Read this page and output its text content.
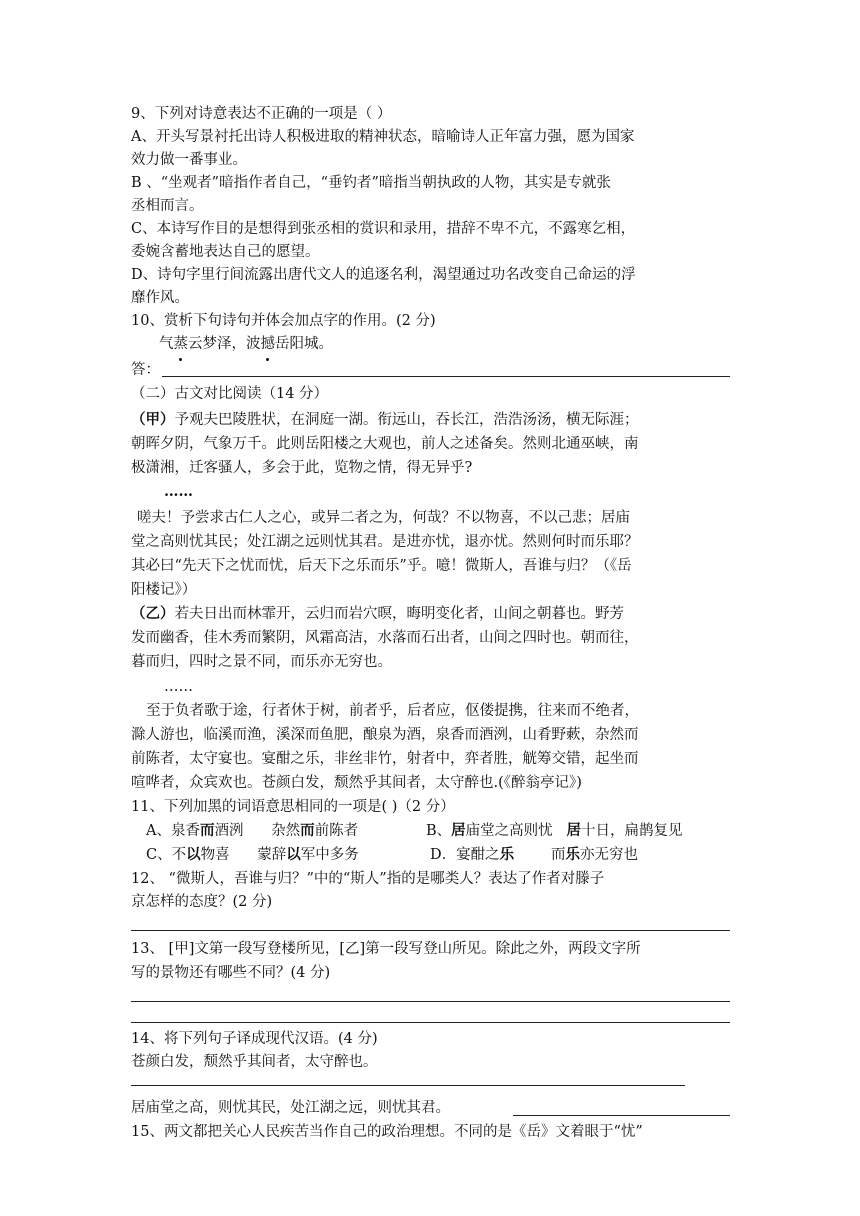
9、下列对诗意表达不正确的一项是（ ）
A、开头写景衬托出诗人积极进取的精神状态，暗喻诗人正年富力强，愿为国家
效力做一番事业。
B 、“坐观者”暗指作者自己，“垂钓者”暗指当朝执政的人物，其实是专就张
丞相而言。
C、本诗写作目的是想得到张丞相的赏识和录用，措辞不卑不亢，不露寒乞相，
委婉含蓄地表达自己的愿望。
D、诗句字里行间流露出唐代文人的追逐名利，渴望通过功名改变自己命运的浮
靡作风。
10、赏析下句诗句并体会加点字的作用。(2 分)
气蒸云梦泽，波撼岳阳城。
答：
（二）古文对比阅读（14 分）
（甲）予观夫巴陵胜状，在洞庭一湖。衔远山，吞长江，浩浩汤汤，横无际涯；
朝晖夕阴，气象万千。此则岳阳楼之大观也，前人之述备矣。然则北通巫峡，南
极潇湘，迁客骚人，多会于此，览物之情，得无异乎?
……
嗟夫！予尝求古仁人之心，或异二者之为，何哉？不以物喜，不以己悲；居庙
堂之高则忧其民；处江湖之远则忧其君。是进亦忧，退亦忧。然则何时而乐耶？
其必曰“先天下之忧而忧，后天下之乐而乐”乎。噫！微斯人，吾谁与归？（《岳
阳楼记》）
（乙）若夫日出而林霏开，云归而岩穴暝，晦明变化者，山间之朝暮也。野芳
发而幽香，佳木秀而繁阴，风霜高洁，水落而石出者，山间之四时也。朝而往，
暮而归，四时之景不同，而乐亦无穷也。
……
至于负者歌于途，行者休于树，前者乎，后者应，伛偻提携，往来而不绝者，
滁人游也，临溪而渔，溪深而鱼肥，酿泉为酒，泉香而酒洌，山肴野蔌，杂然而
前陈者，太守宴也。宴酣之乐，非丝非竹，射者中，弈者胜，觥筹交错，起坐而
喧哗者，众宾欢也。苍颜白发，颓然乎其间者，太守醉也.(《醉翁亭记》)
11、下列加黑的词语意思相同的一项是( )（2 分）
A、泉香而酒洌      杂然而前陈者	B、居庙堂之高则忧   居十日，扁鹊复见
C、不以物喜      蒙辞以军中多务	D．宴酣之乐        而乐亦无穷也
12、 “微斯人，吾谁与归？”中的“斯人”指的是哪类人？表达了作者对滕子
京怎样的态度？(2 分)
13、 [甲]文第一段写登楼所见，[乙]第一段写登山所见。除此之外，两段文字所
写的景物还有哪些不同？(4 分)
14、将下列句子译成现代汉语。(4 分)
苍颜白发，颓然乎其间者，太守醉也。
居庙堂之高，则忧其民，处江湖之远，则忧其君。
15、两文都把关心人民疾苦当作自己的政治理想。不同的是《岳》文着眼于“忧”
